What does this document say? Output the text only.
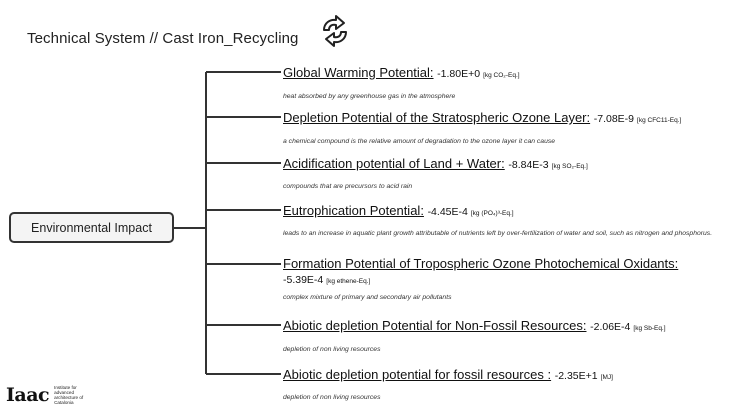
Technical System // Cast Iron_Recycling
Environmental Impact
Global Warming Potential: -1.80E+0 [kg CO₂-Eq.]
heat absorbed by any greenhouse gas in the atmosphere
Depletion Potential of the Stratospheric Ozone Layer: -7.08E-9 [kg CFC11-Eq.]
a chemical compound is the relative amount of degradation to the ozone layer it can cause
Acidification potential of Land + Water: -8.84E-3 [kg SO₂-Eq.]
compounds that are precursors to acid rain
Eutrophication Potential: -4.45E-4 [kg (PO₄)³-Eq.]
leads to an increase in aquatic plant growth attributable of nutrients left by over-fertilization of water and soil, such as nitrogen and phosphorus.
Formation Potential of Tropospheric Ozone Photochemical Oxidants:
-5.39E-4 [kg ethene-Eq.]
complex mixture of primary and secondary air pollutants
Abiotic depletion Potential for Non-Fossil Resources: -2.06E-4 [kg Sb-Eq.]
depletion of non living resources
Abiotic depletion potential for fossil resources : -2.35E+1 [MJ]
depletion of non living resources
Iaac Institute for advanced architecture of Catalonia
